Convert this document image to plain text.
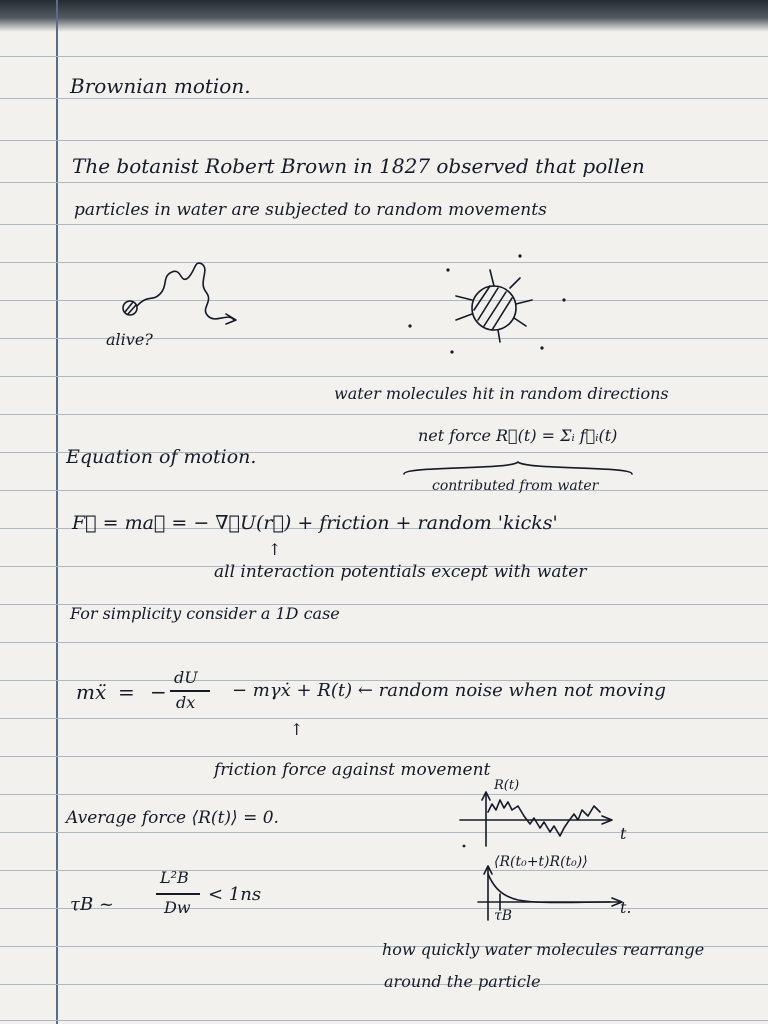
Brownian motion.
The botanist Robert Brown in 1827 observed that pollen
particles in water are subjected to random movements
alive?
water molecules hit in random directions
net force R⃗(t) = Σᵢ f⃗ᵢ(t)
Equation of motion.
contributed from water
F⃗ = ma⃗ = − ∇⃗U(r⃗) + friction + random 'kicks'
↑
all interaction potentials except with water
For simplicity consider a 1D case
mẍ = −
dU
dx
− mγẋ + R(t) ← random noise when not moving
↑
friction force against movement
Average force ⟨R(t)⟩ = 0.
R(t)
t
τB ~
L²B
Dw
< 1ns
⟨R(t₀+t)R(t₀)⟩
t.
τB
how quickly water molecules rearrange
around the particle
